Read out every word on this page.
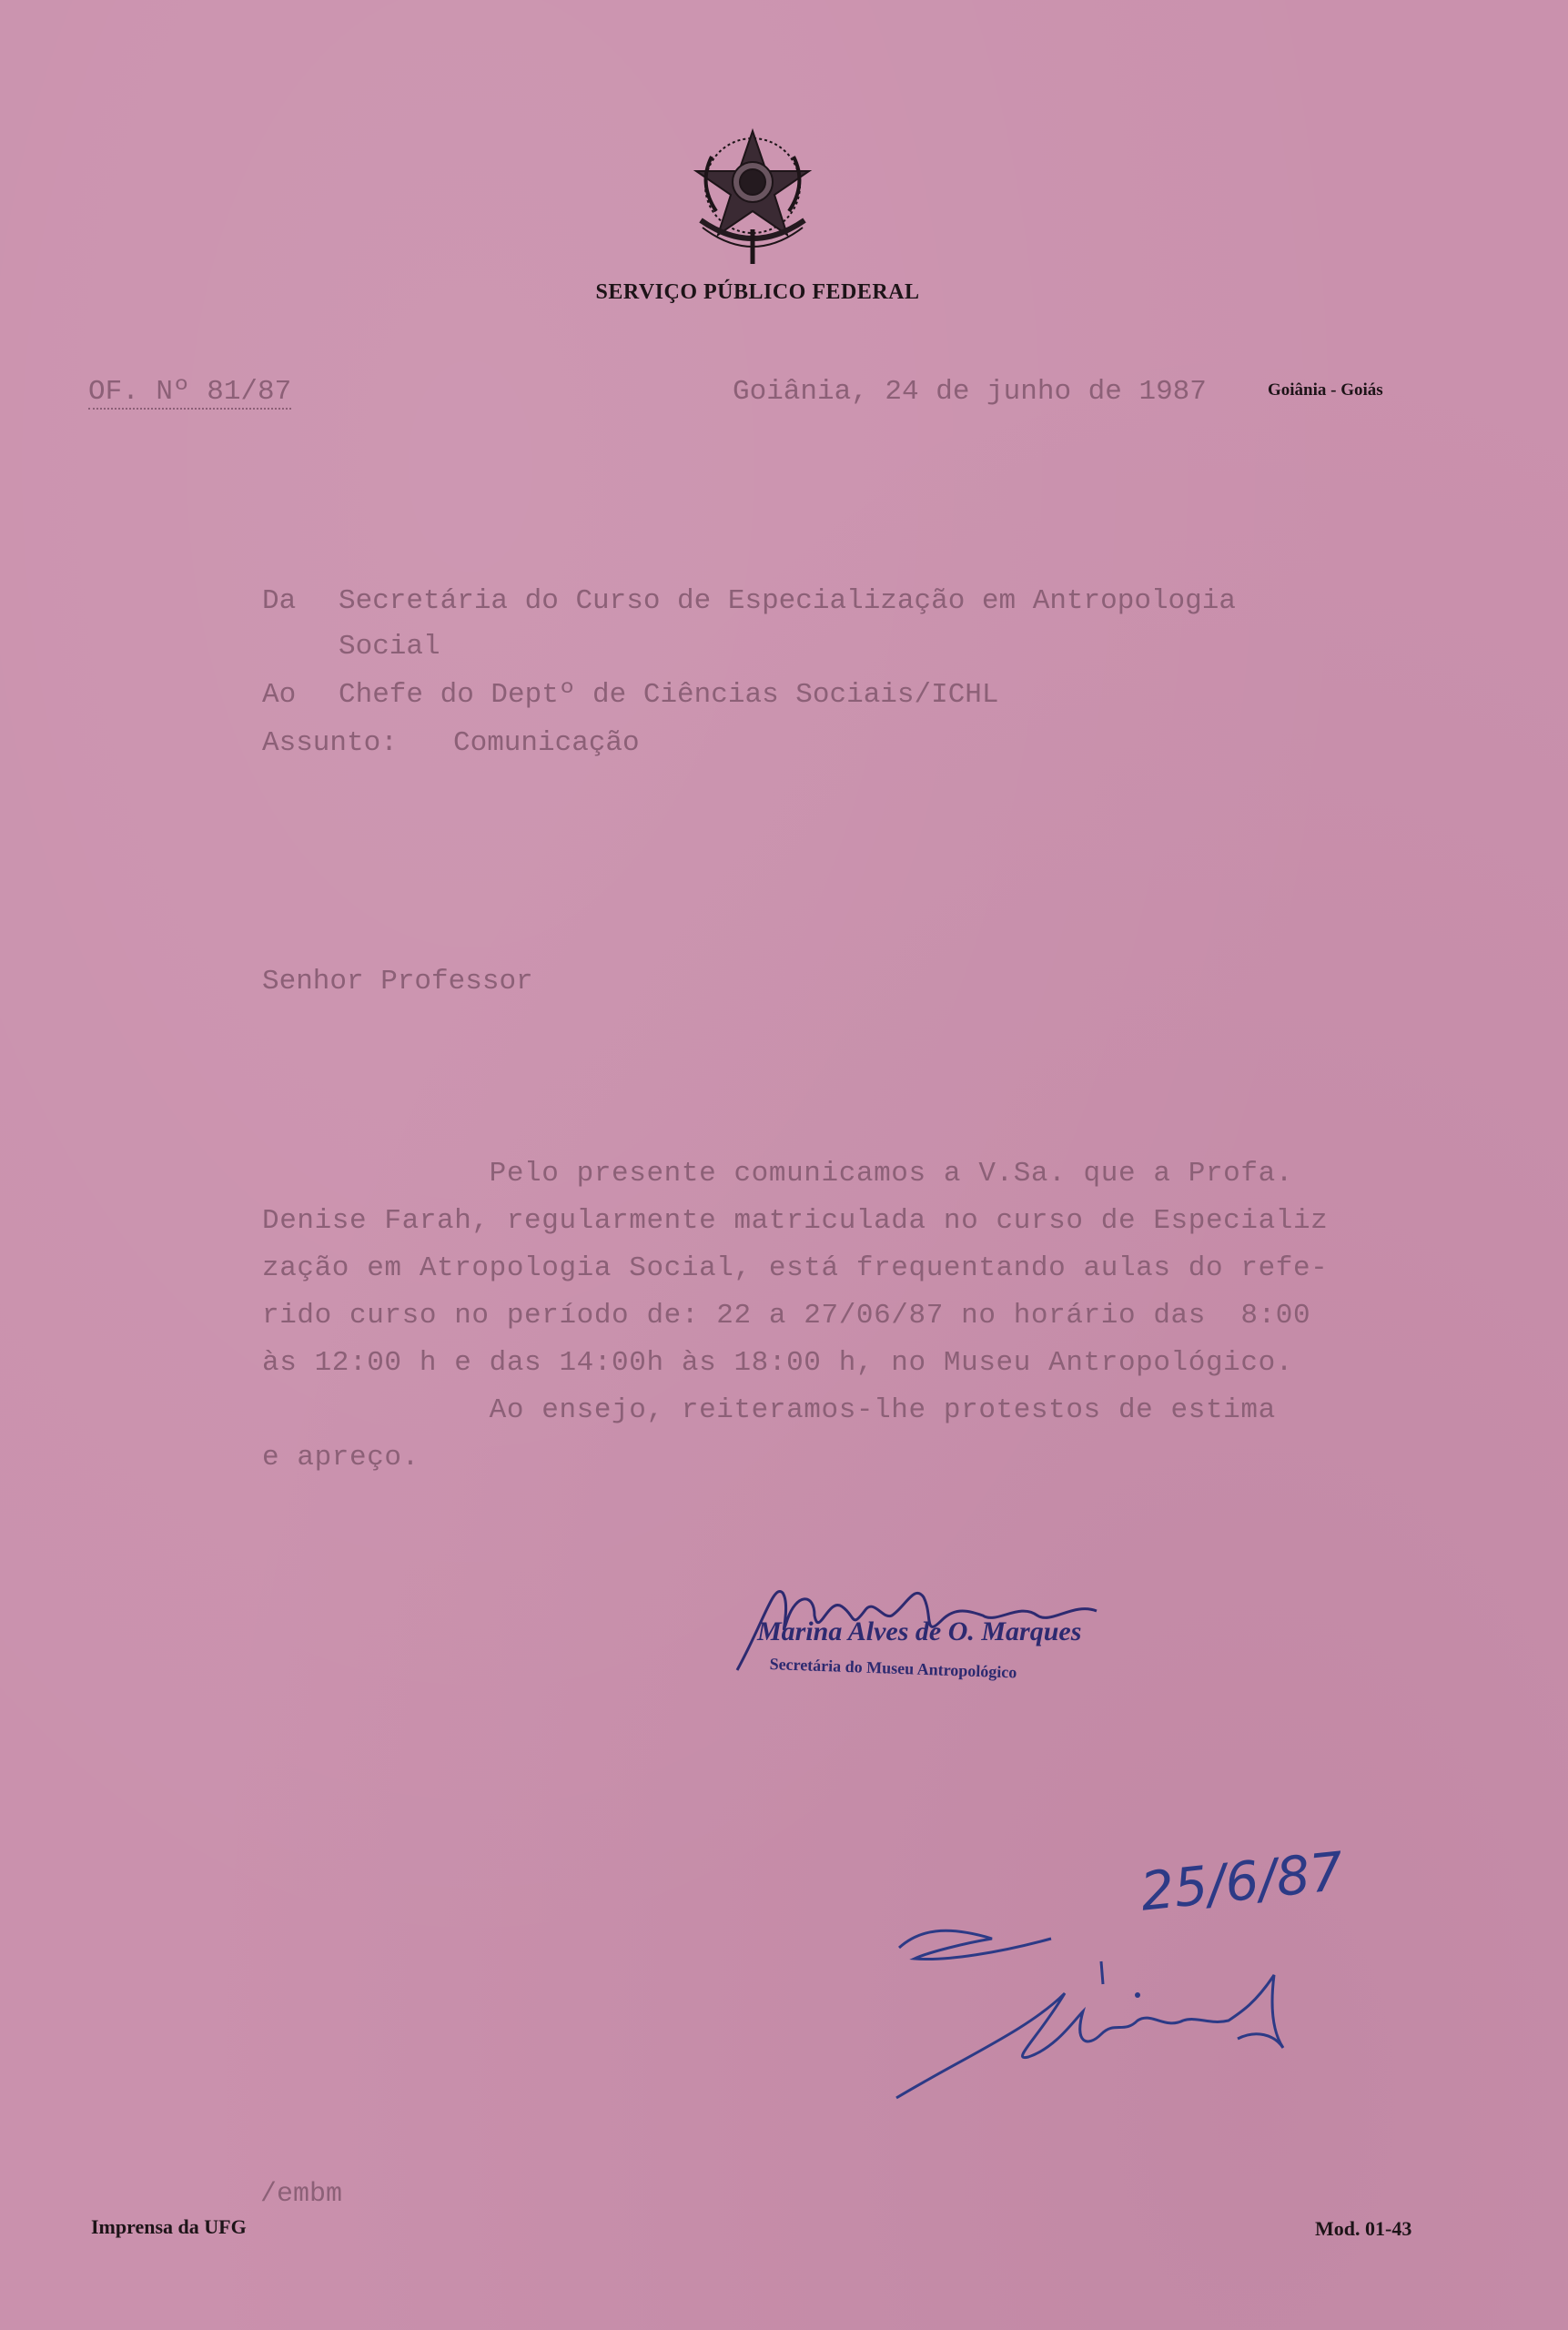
SERVIÇO PÚBLICO FEDERAL
OF. Nº 81/87	Goiânia, 24 de junho de 1987	Goiânia - Goiás
Da Secretária do Curso de Especialização em Antropologia
Social
Ao Chefe do Deptº de Ciências Sociais/ICHL
Assunto: Comunicação
Senhor Professor
Pelo presente comunicamos a V.Sa. que a Profa.
Denise Farah, regularmente matriculada no curso de Especializ
zação em Atropologia Social, está frequentando aulas do refe-
rido curso no período de: 22 a 27/06/87 no horário das  8:00
às 12:00 h e das 14:00h às 18:00 h, no Museu Antropológico.
Ao ensejo, reiteramos-lhe protestos de estima
e apreço.
Marina Alves de O. Marques
Secretária do Museu Antropológico
25/6/87
/embm
Imprensa da UFG	Mod. 01-43
